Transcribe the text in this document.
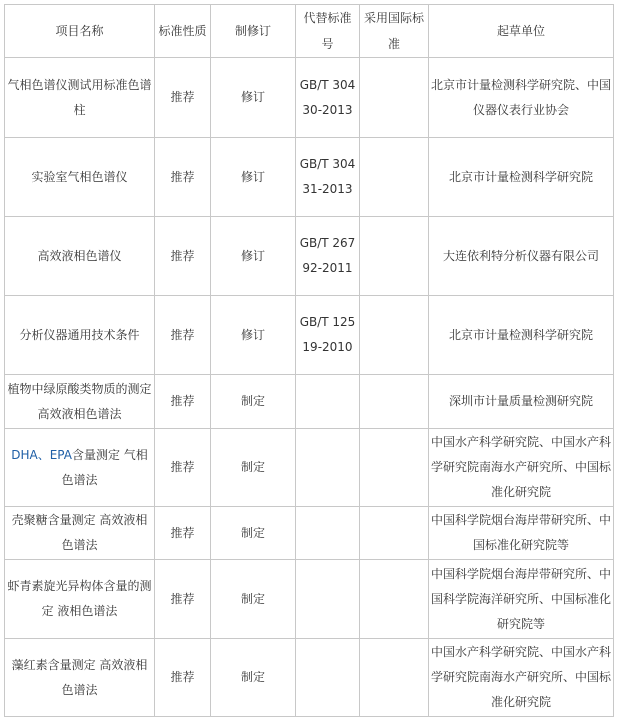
项目名称	标准性质	制修订	代替标准号	采用国际标准	起草单位
气相色谱仪测试用标准色谱柱	推荐	修订	GB/T 30430-2013		北京市计量检测科学研究院、中国仪器仪表行业协会
实验室气相色谱仪	推荐	修订	GB/T 30431-2013		北京市计量检测科学研究院
高效液相色谱仪	推荐	修订	GB/T 26792-2011		大连依利特分析仪器有限公司
分析仪器通用技术条件	推荐	修订	GB/T 12519-2010		北京市计量检测科学研究院
植物中绿原酸类物质的测定 高效液相色谱法	推荐	制定			深圳市计量质量检测研究院
DHA、EPA含量测定 气相色谱法	推荐	制定			中国水产科学研究院、中国水产科学研究院南海水产研究所、中国标准化研究院
壳聚糖含量测定 高效液相色谱法	推荐	制定			中国科学院烟台海岸带研究所、中国标准化研究院等
虾青素旋光异构体含量的测定 液相色谱法	推荐	制定			中国科学院烟台海岸带研究所、中国科学院海洋研究所、中国标准化研究院等
藻红素含量测定 高效液相色谱法	推荐	制定			中国水产科学研究院、中国水产科学研究院南海水产研究所、中国标准化研究院
